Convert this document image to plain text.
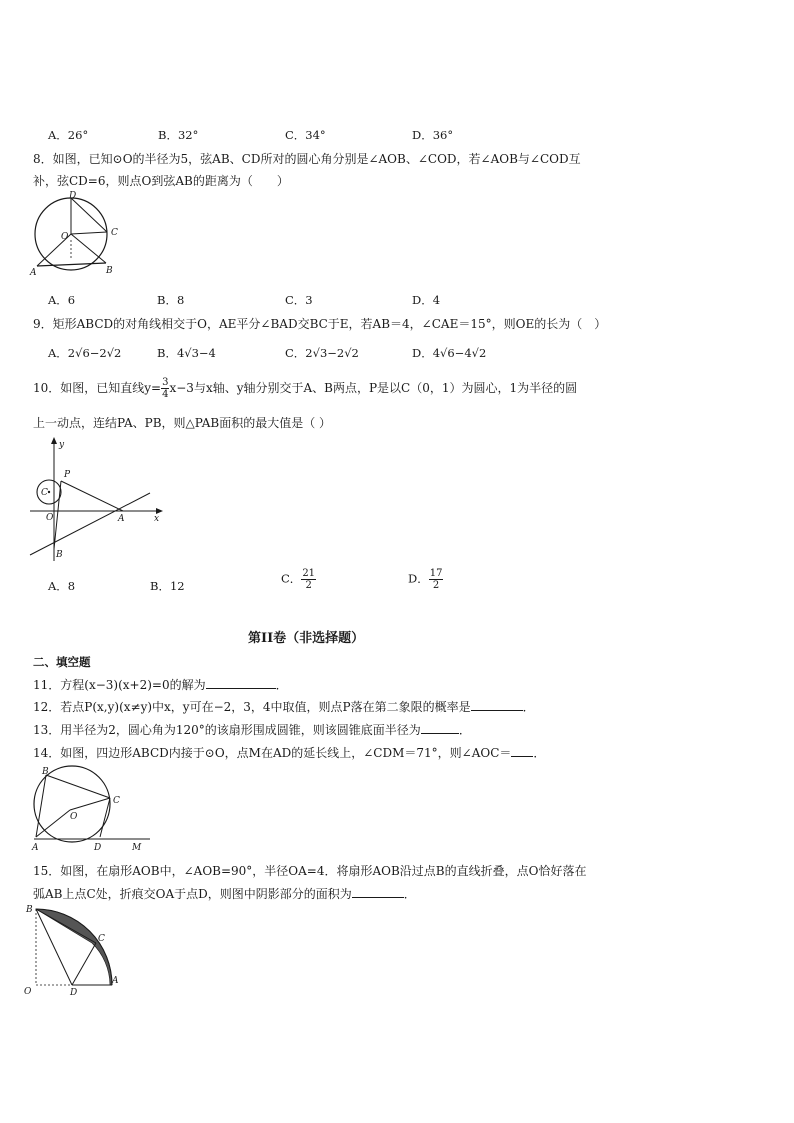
A．26°	B．32°	C．34°	D．36°
8．如图，已知⊙O的半径为5，弦AB、CD所对的圆心角分别是∠AOB、∠COD，若∠AOB与∠COD互
补，弦CD=6，则点O到弦AB的距离为（　　）
D
C
O
A	B
A．6	B．8	C．3	D．4
9．矩形ABCD的对角线相交于O，AE平分∠BAD交BC于E，若AB＝4，∠CAE＝15°，则OE的长为（　）
A．2√6−2√2	B．4√3−4	C．2√3−2√2	D．4√6−4√2
10．如图，已知直线$y= \frac{3}{4} x-3$与x轴、y轴分别交于A、B两点，P是以C（0，1）为圆心，1为半径的圆
上一动点，连结PA、PB，则△PAB面积的最大值是（ ）
y
P
C
O	A	x
B
A．8	B．12
C． $\frac{21}{2}$	D． $\frac{17}{2}$
第II卷（非选择题）
二、填空题
11．方程(x−3)(x+2)=0的解为	．
12．若点P(x,y)(x≠y)中x，y可在−2，3，4中取值，则点P落在第二象限的概率是	．
13．用半径为2，圆心角为120°的该扇形围成圆锥，则该圆锥底面半径为	．
14．如图，四边形ABCD内接于⊙O，点M在AD的延长线上，∠CDM＝71°，则∠AOC＝ ．
B
C
O
A	D	M
15．如图，在扇形AOB中，∠AOB=90°，半径OA=4．将扇形AOB沿过点B的直线折叠，点O恰好落在
弧AB上点C处，折痕交OA于点D，则图中阴影部分的面积为	．
B
C
O	D
A
